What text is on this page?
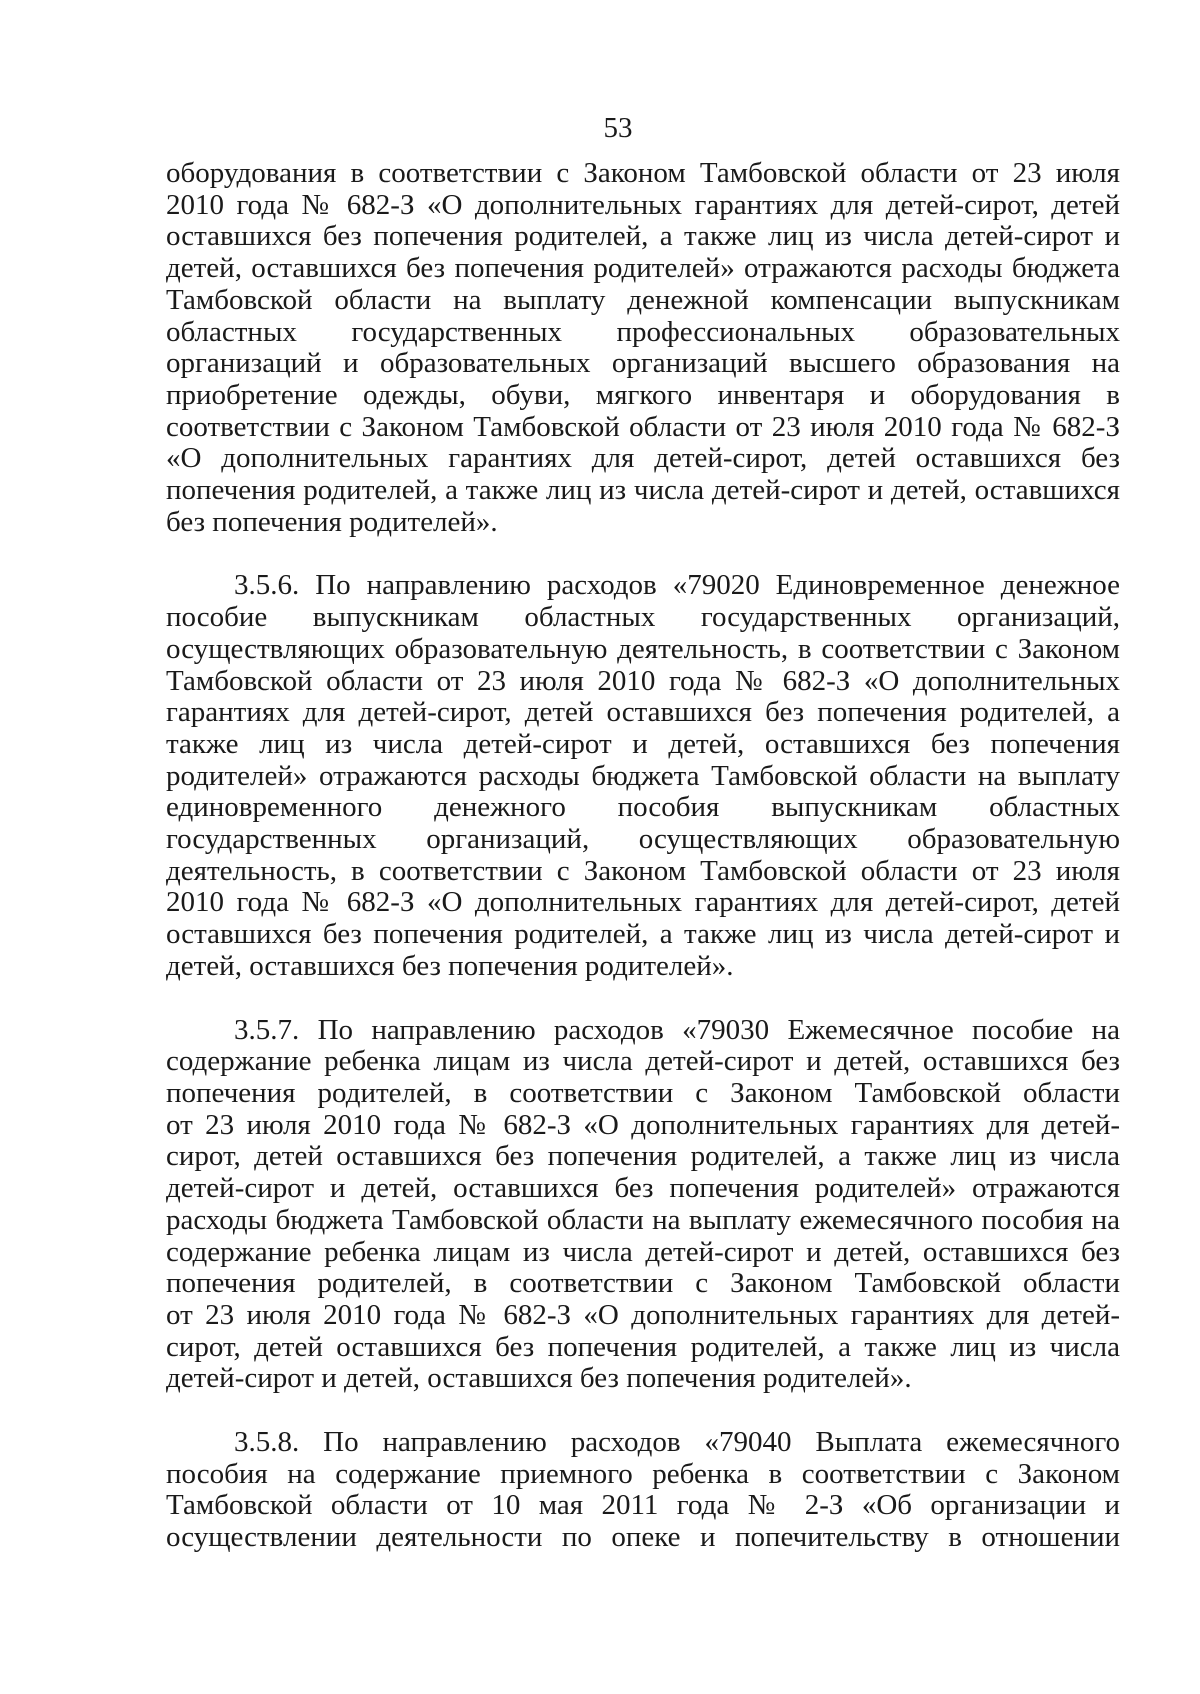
53
оборудования в соответствии с Законом Тамбовской области от 23 июля
2010 года № 682-З «О дополнительных гарантиях для детей-сирот, детей
оставшихся без попечения родителей, а также лиц из числа детей-сирот и
детей, оставшихся без попечения родителей» отражаются расходы бюджета
Тамбовской области на выплату денежной компенсации выпускникам
областных государственных профессиональных образовательных
организаций и образовательных организаций высшего образования на
приобретение одежды, обуви, мягкого инвентаря и оборудования в
соответствии с Законом Тамбовской области от 23 июля 2010 года № 682-З
«О дополнительных гарантиях для детей-сирот, детей оставшихся без
попечения родителей, а также лиц из числа детей-сирот и детей, оставшихся
без попечения родителей».
3.5.6. По направлению расходов «79020 Единовременное денежное
пособие выпускникам областных государственных организаций,
осуществляющих образовательную деятельность, в соответствии с Законом
Тамбовской области от 23 июля 2010 года № 682-З «О дополнительных
гарантиях для детей-сирот, детей оставшихся без попечения родителей, а
также лиц из числа детей-сирот и детей, оставшихся без попечения
родителей» отражаются расходы бюджета Тамбовской области на выплату
единовременного денежного пособия выпускникам областных
государственных организаций, осуществляющих образовательную
деятельность, в соответствии с Законом Тамбовской области от 23 июля
2010 года № 682-З «О дополнительных гарантиях для детей-сирот, детей
оставшихся без попечения родителей, а также лиц из числа детей-сирот и
детей, оставшихся без попечения родителей».
3.5.7. По направлению расходов «79030 Ежемесячное пособие на
содержание ребенка лицам из числа детей-сирот и детей, оставшихся без
попечения родителей, в соответствии с Законом Тамбовской области
от 23 июля 2010 года № 682-З «О дополнительных гарантиях для детей-
сирот, детей оставшихся без попечения родителей, а также лиц из числа
детей-сирот и детей, оставшихся без попечения родителей» отражаются
расходы бюджета Тамбовской области на выплату ежемесячного пособия на
содержание ребенка лицам из числа детей-сирот и детей, оставшихся без
попечения родителей, в соответствии с Законом Тамбовской области
от 23 июля 2010 года № 682-З «О дополнительных гарантиях для детей-
сирот, детей оставшихся без попечения родителей, а также лиц из числа
детей-сирот и детей, оставшихся без попечения родителей».
3.5.8. По направлению расходов «79040 Выплата ежемесячного
пособия на содержание приемного ребенка в соответствии с Законом
Тамбовской области от 10 мая 2011 года № 2-З «Об организации и
осуществлении деятельности по опеке и попечительству в отношении
